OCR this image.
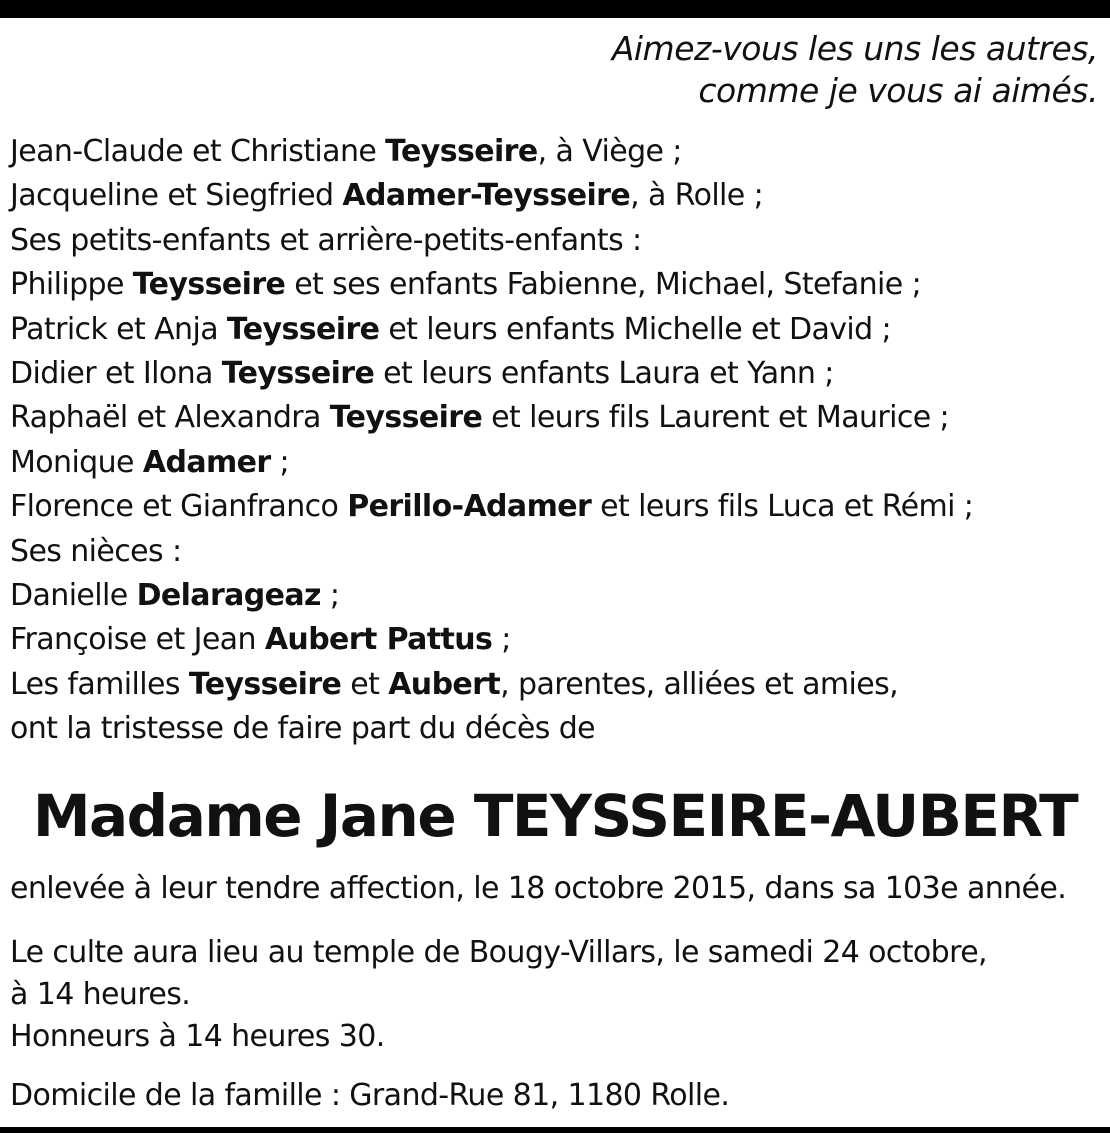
Aimez-vous les uns les autres,
comme je vous ai aimés.
Jean-Claude et Christiane Teysseire, à Viège ;
Jacqueline et Siegfried Adamer-Teysseire, à Rolle ;
Ses petits-enfants et arrière-petits-enfants :
Philippe Teysseire et ses enfants Fabienne, Michael, Stefanie ;
Patrick et Anja Teysseire et leurs enfants Michelle et David ;
Didier et Ilona Teysseire et leurs enfants Laura et Yann ;
Raphaël et Alexandra Teysseire et leurs fils Laurent et Maurice ;
Monique Adamer ;
Florence et Gianfranco Perillo-Adamer et leurs fils Luca et Rémi ;
Ses nièces :
Danielle Delarageaz ;
Françoise et Jean Aubert Pattus ;
Les familles Teysseire et Aubert, parentes, alliées et amies,
ont la tristesse de faire part du décès de
Madame Jane TEYSSEIRE-AUBERT
enlevée à leur tendre affection, le 18 octobre 2015, dans sa 103e année.
Le culte aura lieu au temple de Bougy-Villars, le samedi 24 octobre,
à 14 heures.
Honneurs à 14 heures 30.
Domicile de la famille : Grand-Rue 81, 1180 Rolle.
